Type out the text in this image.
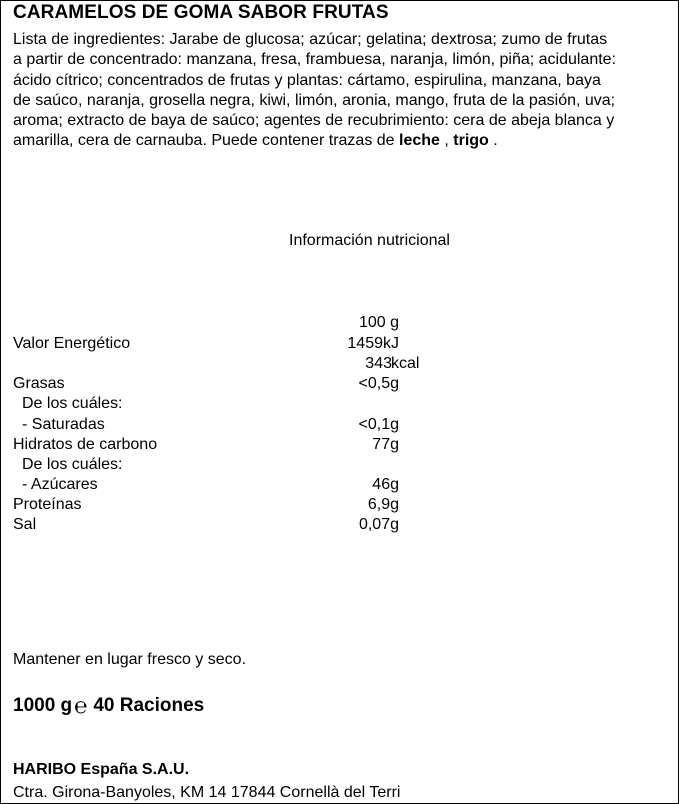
CARAMELOS DE GOMA SABOR FRUTAS
Lista de ingredientes: Jarabe de glucosa; azúcar; gelatina; dextrosa; zumo de frutas a partir de concentrado: manzana, fresa, frambuesa, naranja, limón, piña; acidulante: ácido cítrico; concentrados de frutas y plantas: cártamo, espirulina, manzana, baya de saúco, naranja, grosella negra, kiwi, limón, aronia, mango, fruta de la pasión, uva; aroma; extracto de baya de saúco; agentes de recubrimiento: cera de abeja blanca y amarilla, cera de carnauba. Puede contener trazas de leche , trigo .
Información nutricional
100 g
Valor Energético	1459kJ
343 kcal
Grasas	<0,5g
De los cuáles:
- Saturadas	<0,1g
Hidratos de carbono	77g
De los cuáles:
- Azúcares	46g
Proteínas	6,9g
Sal	0,07g
Mantener en lugar fresco y seco.
1000 g ℮ 40 Raciones
HARIBO España S.A.U.
Ctra. Girona-Banyoles, KM 14 17844 Cornellà del Terri
